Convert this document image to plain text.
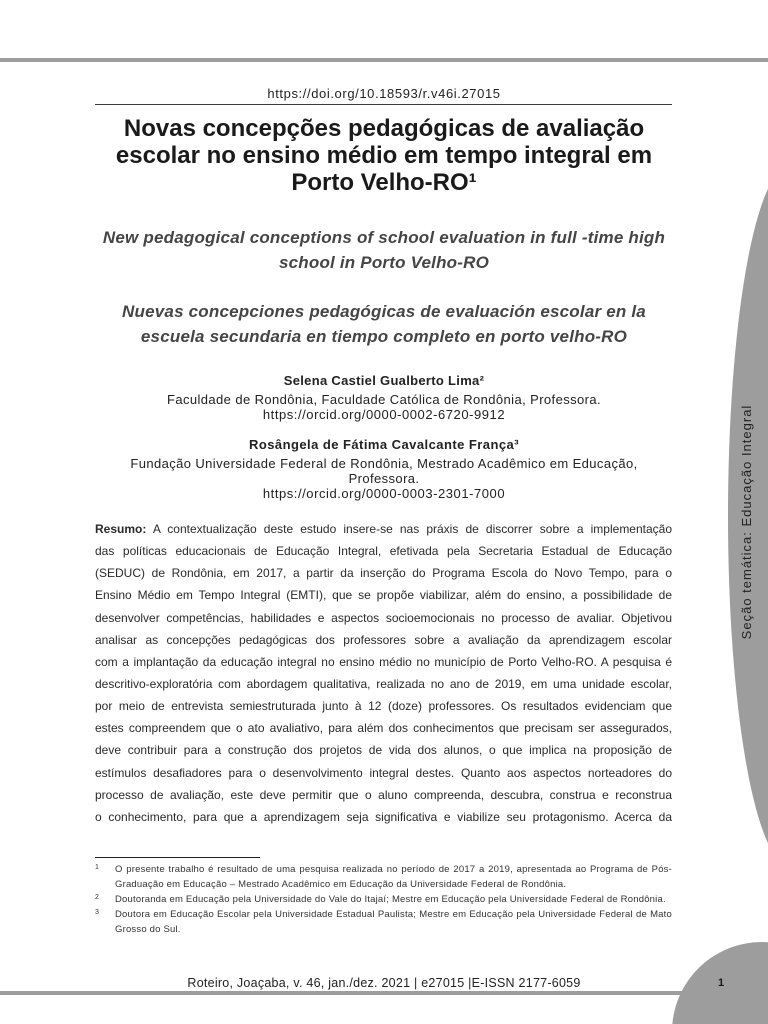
https://doi.org/10.18593/r.v46i.27015
Novas concepções pedagógicas de avaliação
escolar no ensino médio em tempo integral em
Porto Velho-RO¹
New pedagogical conceptions of school evaluation in full -time high
school in Porto Velho-RO
Nuevas concepciones pedagógicas de evaluación escolar en la
escuela secundaria en tiempo completo en porto velho-RO
Selena Castiel Gualberto Lima²
Faculdade de Rondônia, Faculdade Católica de Rondônia, Professora.
https://orcid.org/0000-0002-6720-9912
Rosângela de Fátima Cavalcante França³
Fundação Universidade Federal de Rondônia, Mestrado Acadêmico em Educação,
Professora.
https://orcid.org/0000-0003-2301-7000
Resumo: A contextualização deste estudo insere-se nas práxis de discorrer sobre a implementação
das políticas educacionais de Educação Integral, efetivada pela Secretaria Estadual de Educação
(SEDUC) de Rondônia, em 2017, a partir da inserção do Programa Escola do Novo Tempo, para o
Ensino Médio em Tempo Integral (EMTI), que se propõe viabilizar, além do ensino, a possibilidade de
desenvolver competências, habilidades e aspectos socioemocionais no processo de avaliar. Objetivou
analisar as concepções pedagógicas dos professores sobre a avaliação da aprendizagem escolar
com a implantação da educação integral no ensino médio no município de Porto Velho-RO. A pesquisa é
descritivo-exploratória com abordagem qualitativa, realizada no ano de 2019, em uma unidade escolar,
por meio de entrevista semiestruturada junto à 12 (doze) professores. Os resultados evidenciam que
estes compreendem que o ato avaliativo, para além dos conhecimentos que precisam ser assegurados,
deve contribuir para a construção dos projetos de vida dos alunos, o que implica na proposição de
estímulos desafiadores para o desenvolvimento integral destes. Quanto aos aspectos norteadores do
processo de avaliação, este deve permitir que o aluno compreenda, descubra, construa e reconstrua
o conhecimento, para que a aprendizagem seja significativa e viabilize seu protagonismo. Acerca da
1	O presente trabalho é resultado de uma pesquisa realizada no período de 2017 a 2019, apresentada ao Programa de Pós-
Graduação em Educação – Mestrado Acadêmico em Educação da Universidade Federal de Rondônia.
2	Doutoranda em Educação pela Universidade do Vale do Itajaí; Mestre em Educação pela Universidade Federal de Rondônia.
3	Doutora em Educação Escolar pela Universidade Estadual Paulista; Mestre em Educação pela Universidade Federal de Mato
Grosso do Sul.
Roteiro, Joaçaba, v. 46, jan./dez. 2021 | e27015 |E-ISSN 2177-6059	1
Seção temática: Educação Integral
